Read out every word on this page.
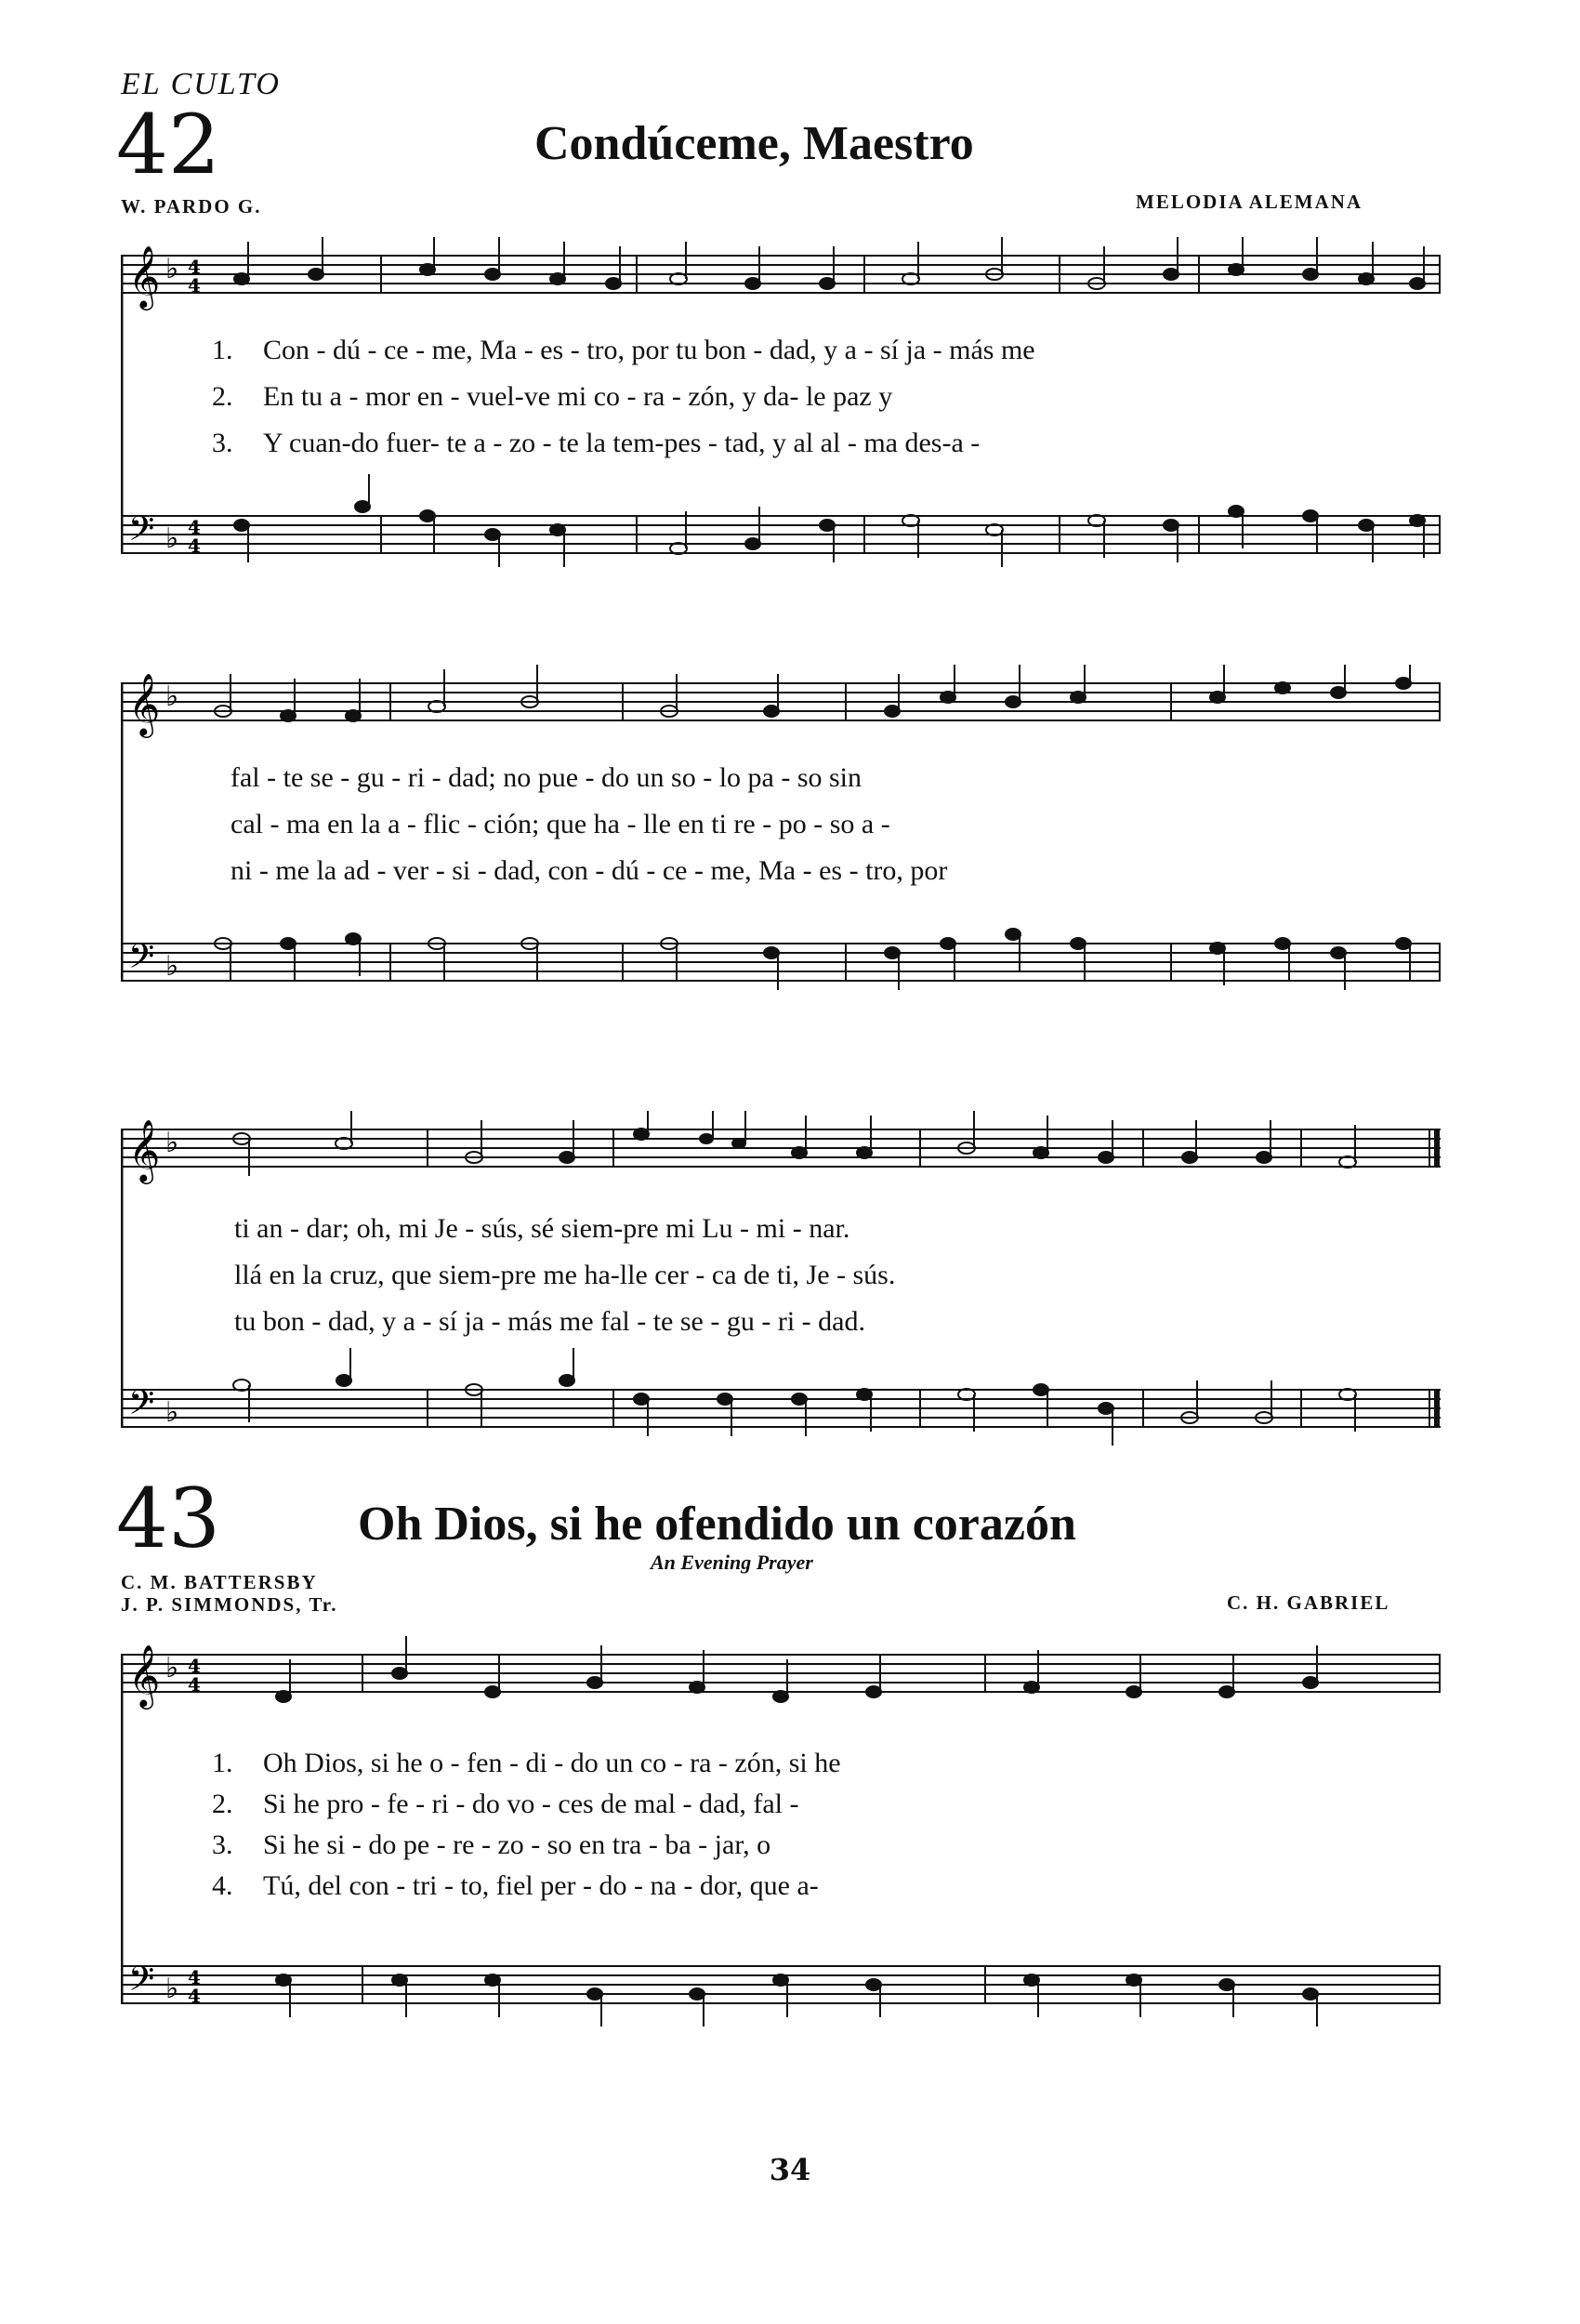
EL CULTO
42	Condúceme, Maestro
W. PARDO G.	MELODIA ALEMANA
𝄞 ♭ 4
4
𝄢 ♭ 4
4
1.	Con - dú - ce - me, Ma - es - tro, por tu bon - dad, y a - sí ja - más me
2.	En tu a - mor en - vuel-ve mi co - ra - zón, y da- le paz y
3.	Y cuan-do fuer- te a - zo - te la tem-pes - tad, y al al - ma des-a -
𝄞 ♭
𝄢 ♭
fal - te se - gu - ri - dad; no pue - do un so - lo pa - so sin
cal - ma en la a - flic - ción; que ha - lle en ti re - po - so a -
ni - me la ad - ver - si - dad, con - dú - ce - me, Ma - es - tro, por
𝄞 ♭
𝄢 ♭
ti an - dar; oh, mi Je - sús, sé siem-pre mi Lu - mi - nar.
llá en la cruz, que siem-pre me ha-lle cer - ca de ti, Je - sús.
tu bon - dad, y a - sí ja - más me fal - te se - gu - ri - dad.
43	Oh Dios, si he ofendido un corazón
An Evening Prayer
C. M. BATTERSBY
J. P. SIMMONDS, Tr.	C. H. GABRIEL
𝄞 ♭ 4
4
𝄢 ♭ 4
4
1.	Oh Dios, si he o - fen - di - do un co - ra - zón, si he
2.	Si he pro - fe - ri - do vo - ces de mal - dad, fal -
3.	Si he si - do pe - re - zo - so en tra - ba - jar, o
4.	Tú, del con - tri - to, fiel per - do - na - dor, que a-
34
